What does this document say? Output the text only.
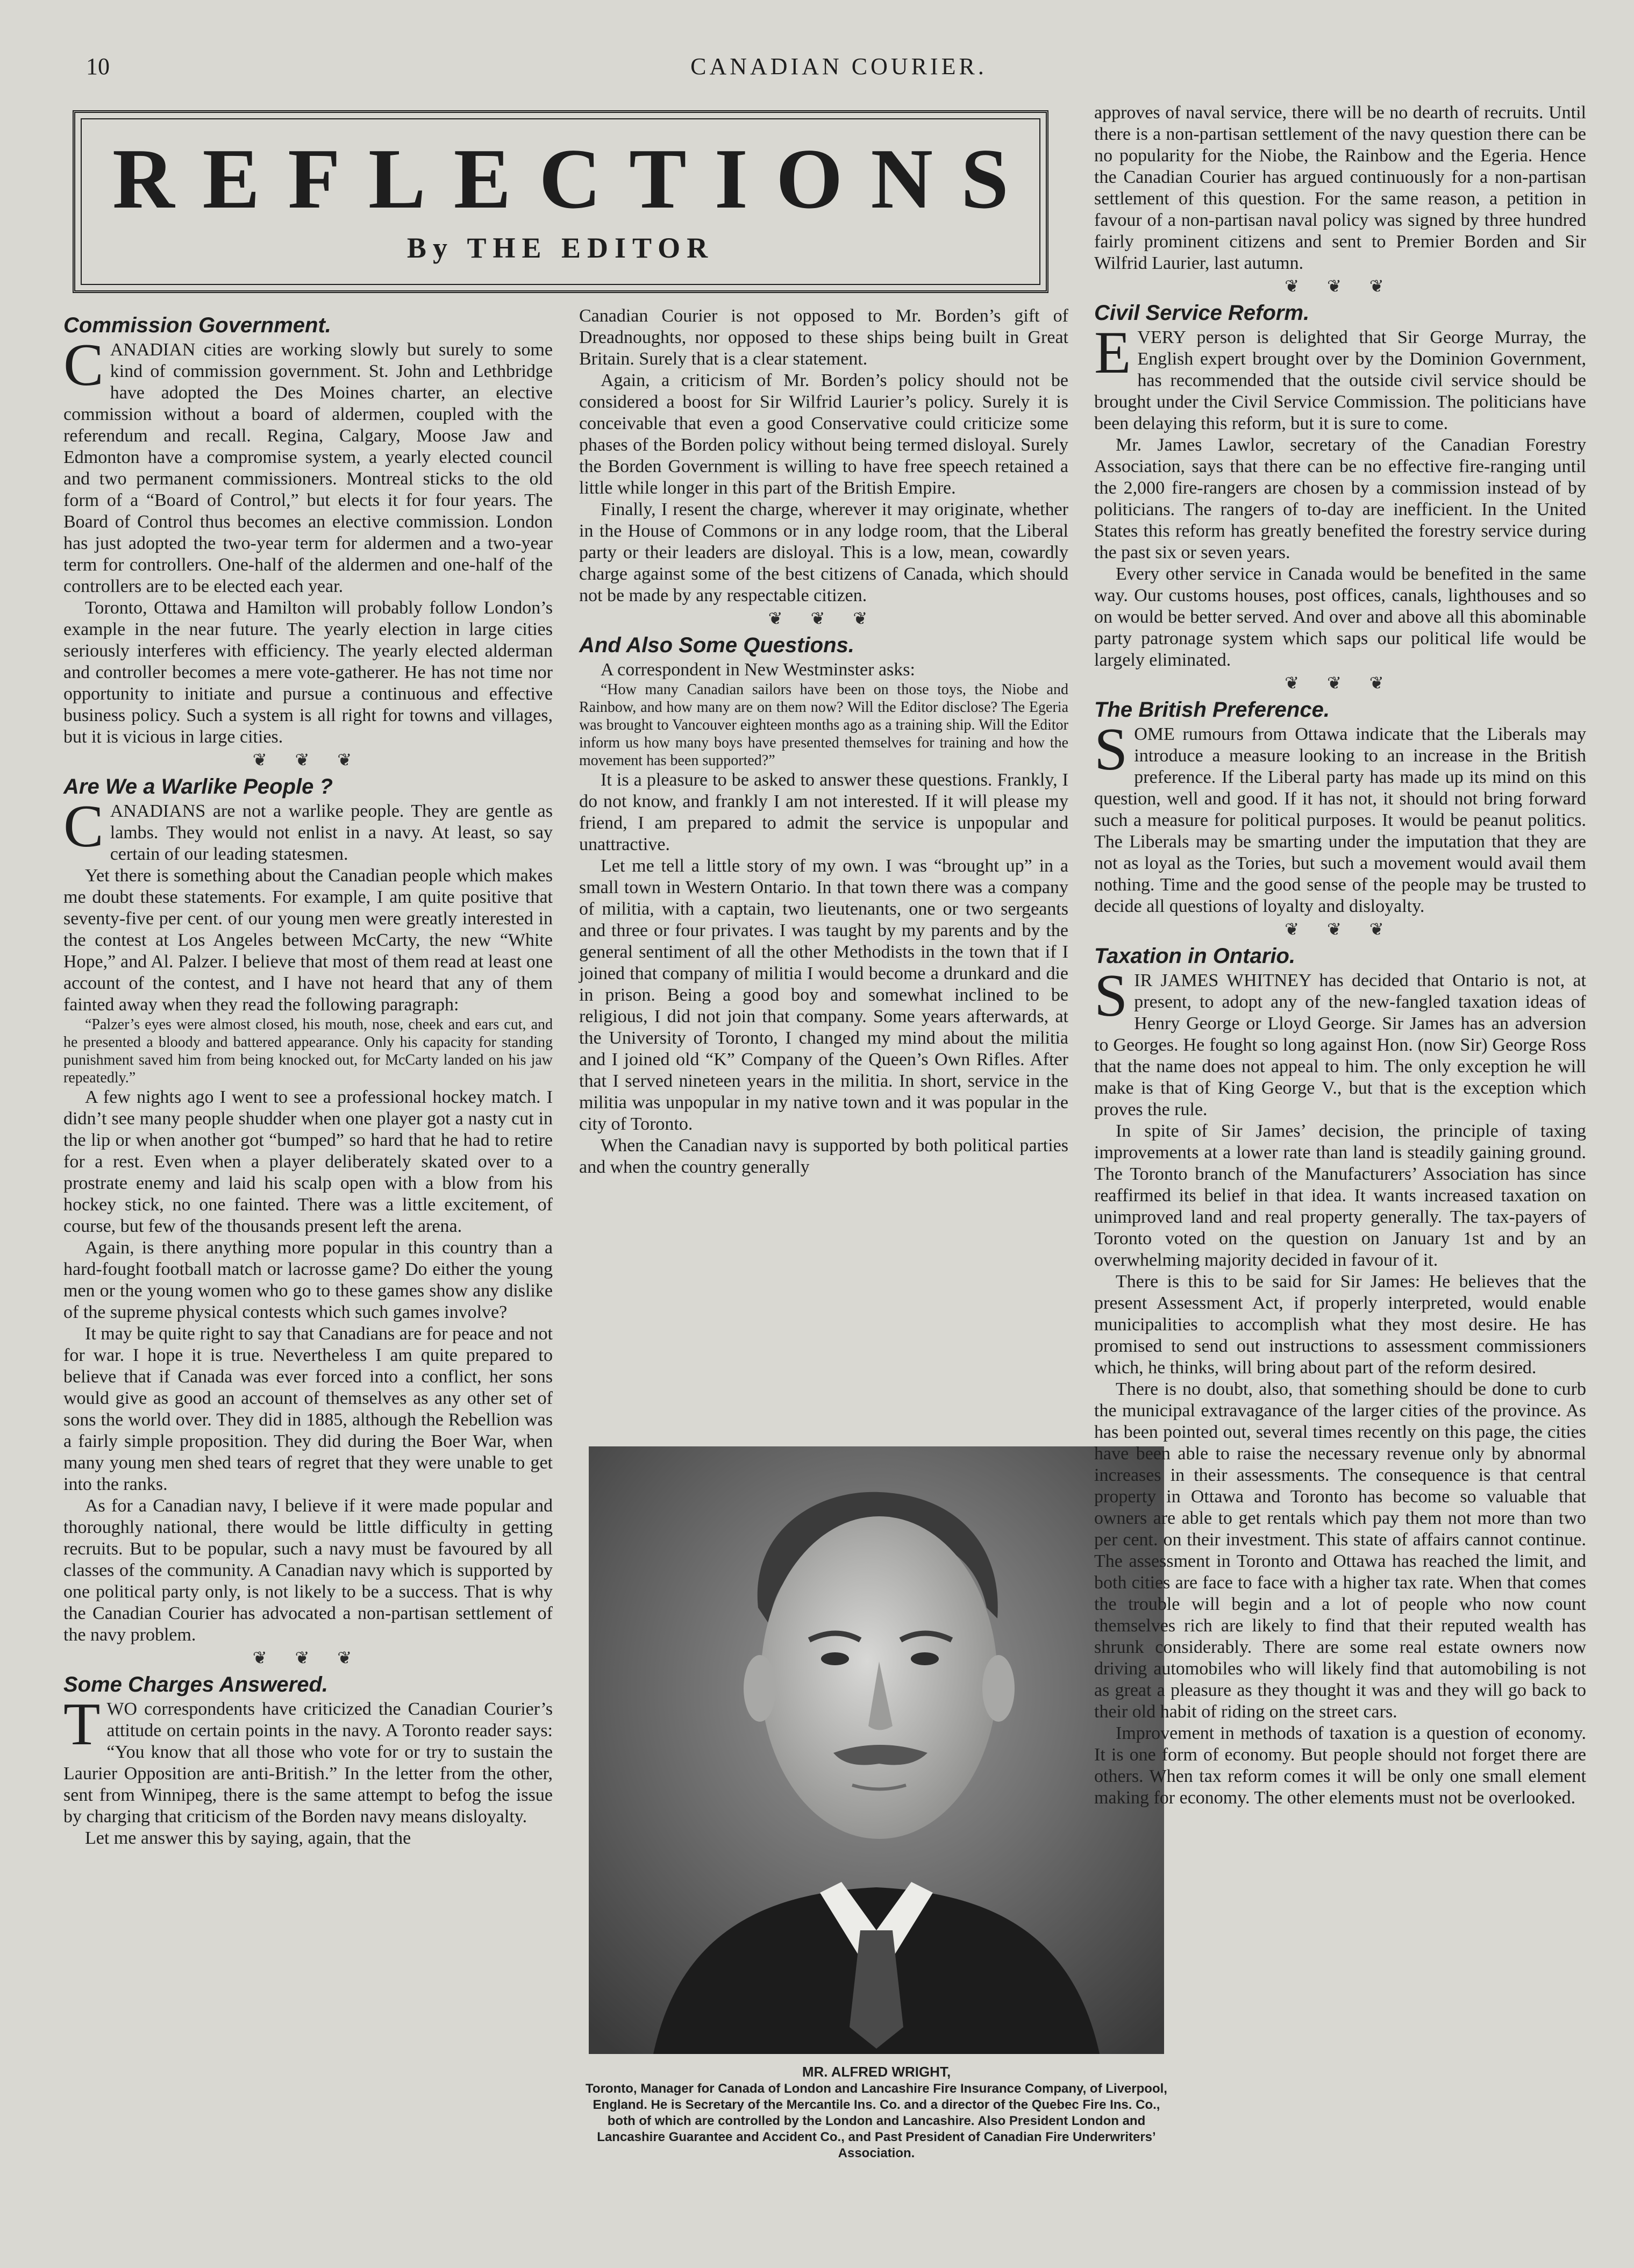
10	CANADIAN COURIER.
REFLECTIONS
By THE EDITOR
Commission Government.

CANADIAN cities are working slowly but surely to some kind of commission government. St. John and Lethbridge have adopted the Des Moines charter, an elective commission without a board of aldermen, coupled with the referendum and recall. Regina, Calgary, Moose Jaw and Edmonton have a compromise system, a yearly elected council and two permanent commissioners. Montreal sticks to the old form of a “Board of Control,” but elects it for four years. The Board of Control thus becomes an elective commission. London has just adopted the two-year term for aldermen and a two-year term for controllers. One-half of the aldermen and one-half of the controllers are to be elected each year.

Toronto, Ottawa and Hamilton will probably follow London’s example in the near future. The yearly election in large cities seriously interferes with efficiency. The yearly elected alderman and controller becomes a mere vote-gatherer. He has not time nor opportunity to initiate and pursue a continuous and effective business policy. Such a system is all right for towns and villages, but it is vicious in large cities.

❦ ❦ ❦
Are We a Warlike People ?

CANADIANS are not a warlike people. They are gentle as lambs. They would not enlist in a navy. At least, so say certain of our leading statesmen.

Yet there is something about the Canadian people which makes me doubt these statements. For example, I am quite positive that seventy-five per cent. of our young men were greatly interested in the contest at Los Angeles between McCarty, the new “White Hope,” and Al. Palzer. I believe that most of them read at least one account of the contest, and I have not heard that any of them fainted away when they read the following paragraph:

“Palzer’s eyes were almost closed, his mouth, nose, cheek and ears cut, and he presented a bloody and battered appearance. Only his capacity for standing punishment saved him from being knocked out, for McCarty landed on his jaw repeatedly.”

A few nights ago I went to see a professional hockey match. I didn’t see many people shudder when one player got a nasty cut in the lip or when another got “bumped” so hard that he had to retire for a rest. Even when a player deliberately skated over to a prostrate enemy and laid his scalp open with a blow from his hockey stick, no one fainted. There was a little excitement, of course, but few of the thousands present left the arena.

Again, is there anything more popular in this country than a hard-fought football match or lacrosse game? Do either the young men or the young women who go to these games show any dislike of the supreme physical contests which such games involve?

It may be quite right to say that Canadians are for peace and not for war. I hope it is true. Nevertheless I am quite prepared to believe that if Canada was ever forced into a conflict, her sons would give as good an account of themselves as any other set of sons the world over. They did in 1885, although the Rebellion was a fairly simple proposition. They did during the Boer War, when many young men shed tears of regret that they were unable to get into the ranks.

As for a Canadian navy, I believe if it were made popular and thoroughly national, there would be little difficulty in getting recruits. But to be popular, such a navy must be favoured by all classes of the community. A Canadian navy which is supported by one political party only, is not likely to be a success. That is why the Canadian Courier has advocated a non-partisan settlement of the navy problem.

❦ ❦ ❦
Some Charges Answered.

TWO correspondents have criticized the Canadian Courier’s attitude on certain points in the navy. A Toronto reader says: “You know that all those who vote for or try to sustain the Laurier Opposition are anti-British.” In the letter from the other, sent from Winnipeg, there is the same attempt to befog the issue by charging that criticism of the Borden navy means disloyalty.

Let me answer this by saying, again, that the

Canadian Courier is not opposed to Mr. Borden’s gift of Dreadnoughts, nor opposed to these ships being built in Great Britain. Surely that is a clear statement.

Again, a criticism of Mr. Borden’s policy should not be considered a boost for Sir Wilfrid Laurier’s policy. Surely it is conceivable that even a good Conservative could criticize some phases of the Borden policy without being termed disloyal. Surely the Borden Government is willing to have free speech retained a little while longer in this part of the British Empire.

Finally, I resent the charge, wherever it may originate, whether in the House of Commons or in any lodge room, that the Liberal party or their leaders are disloyal. This is a low, mean, cowardly charge against some of the best citizens of Canada, which should not be made by any respectable citizen.

❦ ❦ ❦
And Also Some Questions.

A correspondent in New Westminster asks:

“How many Canadian sailors have been on those toys, the Niobe and Rainbow, and how many are on them now? Will the Editor disclose? The Egeria was brought to Vancouver eighteen months ago as a training ship. Will the Editor inform us how many boys have presented themselves for training and how the movement has been supported?”

It is a pleasure to be asked to answer these questions. Frankly, I do not know, and frankly I am not interested. If it will please my friend, I am prepared to admit the service is unpopular and unattractive.

Let me tell a little story of my own. I was “brought up” in a small town in Western Ontario. In that town there was a company of militia, with a captain, two lieutenants, one or two sergeants and three or four privates. I was taught by my parents and by the general sentiment of all the other Methodists in the town that if I joined that company of militia I would become a drunkard and die in prison. Being a good boy and somewhat inclined to be religious, I did not join that company. Some years afterwards, at the University of Toronto, I changed my mind about the militia and I joined old “K” Company of the Queen’s Own Rifles. After that I served nineteen years in the militia. In short, service in the militia was unpopular in my native town and it was popular in the city of Toronto.

When the Canadian navy is supported by both political parties and when the country generally

MR. ALFRED WRIGHT,
Toronto, Manager for Canada of London and Lancashire Fire Insurance Company, of Liverpool, England. He is Secretary of the Mercantile Ins. Co. and a director of the Quebec Fire Ins. Co., both of which are controlled by the London and Lancashire. Also President London and Lancashire Guarantee and Accident Co., and Past President of Canadian Fire Underwriters’ Association.

approves of naval service, there will be no dearth of recruits. Until there is a non-partisan settlement of the navy question there can be no popularity for the Niobe, the Rainbow and the Egeria. Hence the Canadian Courier has argued continuously for a non-partisan settlement of this question. For the same reason, a petition in favour of a non-partisan naval policy was signed by three hundred fairly prominent citizens and sent to Premier Borden and Sir Wilfrid Laurier, last autumn.

❦ ❦ ❦
Civil Service Reform.

EVERY person is delighted that Sir George Murray, the English expert brought over by the Dominion Government, has recommended that the outside civil service should be brought under the Civil Service Commission. The politicians have been delaying this reform, but it is sure to come.

Mr. James Lawlor, secretary of the Canadian Forestry Association, says that there can be no effective fire-ranging until the 2,000 fire-rangers are chosen by a commission instead of by politicians. The rangers of to-day are inefficient. In the United States this reform has greatly benefited the forestry service during the past six or seven years.

Every other service in Canada would be benefited in the same way. Our customs houses, post offices, canals, lighthouses and so on would be better served. And over and above all this abominable party patronage system which saps our political life would be largely eliminated.

❦ ❦ ❦
The British Preference.

SOME rumours from Ottawa indicate that the Liberals may introduce a measure looking to an increase in the British preference. If the Liberal party has made up its mind on this question, well and good. If it has not, it should not bring forward such a measure for political purposes. It would be peanut politics. The Liberals may be smarting under the imputation that they are not as loyal as the Tories, but such a movement would avail them nothing. Time and the good sense of the people may be trusted to decide all questions of loyalty and disloyalty.

❦ ❦ ❦
Taxation in Ontario.

SIR JAMES WHITNEY has decided that Ontario is not, at present, to adopt any of the new-fangled taxation ideas of Henry George or Lloyd George. Sir James has an adversion to Georges. He fought so long against Hon. (now Sir) George Ross that the name does not appeal to him. The only exception he will make is that of King George V., but that is the exception which proves the rule.

In spite of Sir James’ decision, the principle of taxing improvements at a lower rate than land is steadily gaining ground. The Toronto branch of the Manufacturers’ Association has since reaffirmed its belief in that idea. It wants increased taxation on unimproved land and real property generally. The tax-payers of Toronto voted on the question on January 1st and by an overwhelming majority decided in favour of it.

There is this to be said for Sir James: He believes that the present Assessment Act, if properly interpreted, would enable municipalities to accomplish what they most desire. He has promised to send out instructions to assessment commissioners which, he thinks, will bring about part of the reform desired.

There is no doubt, also, that something should be done to curb the municipal extravagance of the larger cities of the province. As has been pointed out, several times recently on this page, the cities have been able to raise the necessary revenue only by abnormal increases in their assessments. The consequence is that central property in Ottawa and Toronto has become so valuable that owners are able to get rentals which pay them not more than two per cent. on their investment. This state of affairs cannot continue. The assessment in Toronto and Ottawa has reached the limit, and both cities are face to face with a higher tax rate. When that comes the trouble will begin and a lot of people who now count themselves rich are likely to find that their reputed wealth has shrunk considerably. There are some real estate owners now driving automobiles who will likely find that automobiling is not as great a pleasure as they thought it was and they will go back to their old habit of riding on the street cars.

Improvement in methods of taxation is a question of economy. It is one form of economy. But people should not forget there are others. When tax reform comes it will be only one small element making for economy. The other elements must not be overlooked.
